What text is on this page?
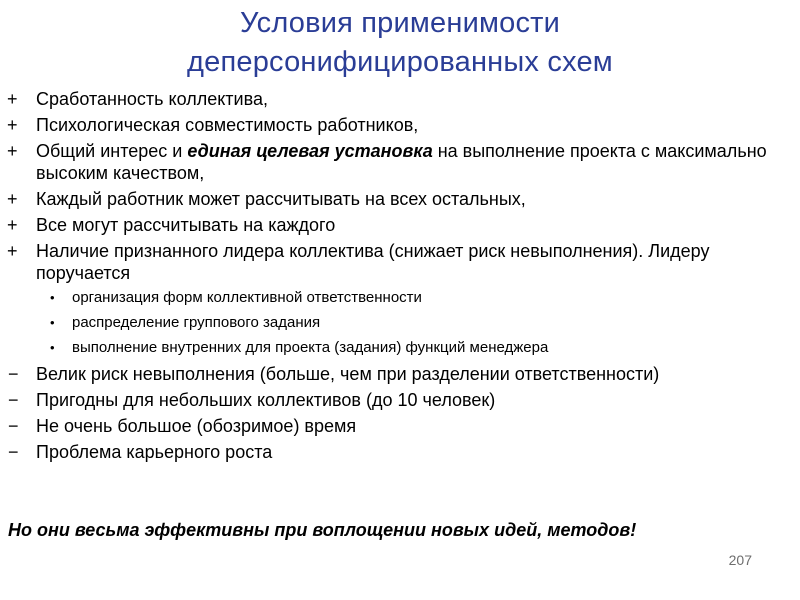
Условия применимости
деперсонифицированных схем
+	Сработанность коллектива,
+	Психологическая совместимость работников,
+	Общий интерес и единая целевая установка на выполнение проекта с максимально высоким качеством,
+	Каждый работник может рассчитывать на всех остальных,
+	Все могут рассчитывать на каждого
+	Наличие признанного лидера коллектива (снижает риск невыполнения). Лидеру поручается
•	организация форм коллективной ответственности
•	распределение группового задания
•	выполнение внутренних для проекта (задания) функций менеджера
− Велик риск невыполнения (больше, чем при разделении ответственности)
− Пригодны для небольших коллективов (до 10 человек)
− Не очень большое (обозримое) время
− Проблема карьерного роста
Но они весьма эффективны при воплощении новых идей, методов!
207
